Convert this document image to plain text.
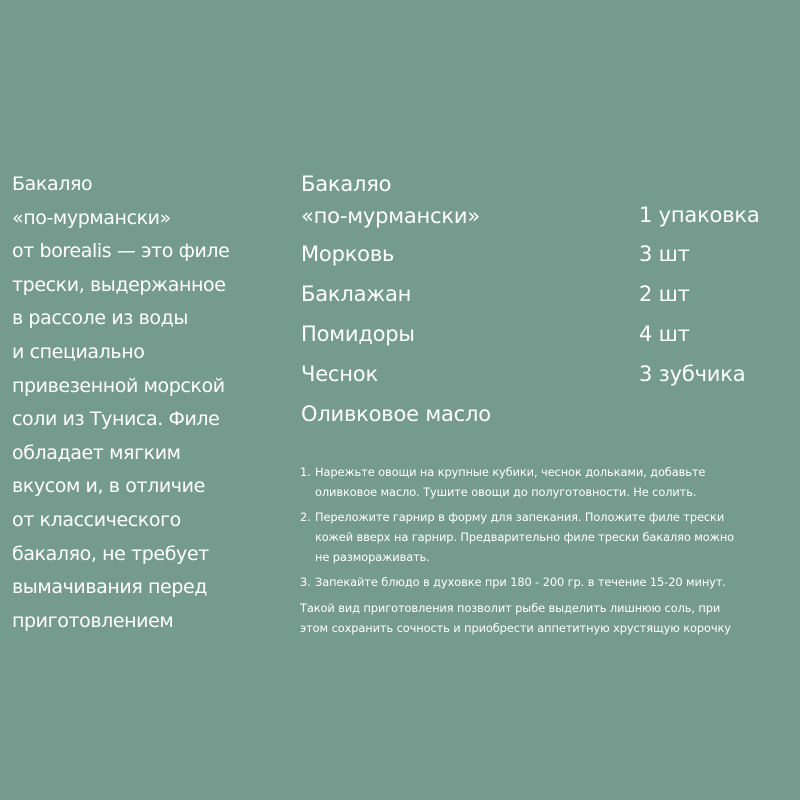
Бакаляо
«по-мурмански»
от borealis — это филе
трески, выдержанное
в рассоле из воды
и специально
привезенной морской
соли из Туниса. Филе
обладает мягким
вкусом и, в отличие
от классического
бакаляо, не требует
вымачивания перед
приготовлением
Бакаляо
«по-мурмански»	1 упаковка
Морковь	3 шт
Баклажан	2 шт
Помидоры	4 шт
Чеснок	3 зубчика
Оливковое масло
1. Нарежьте овощи на крупные кубики, чеснок дольками, добавьте
оливковое масло. Тушите овощи до полуготовности. Не солить.
2. Переложите гарнир в форму для запекания. Положите филе трески
кожей вверх на гарнир. Предварительно филе трески бакаляо можно
не размораживать.
3. Запекайте блюдо в духовке при 180 - 200 гр. в течение 15-20 минут.
Такой вид приготовления позволит рыбе выделить лишнюю соль, при
этом сохранить сочность и приобрести аппетитную хрустящую корочку
